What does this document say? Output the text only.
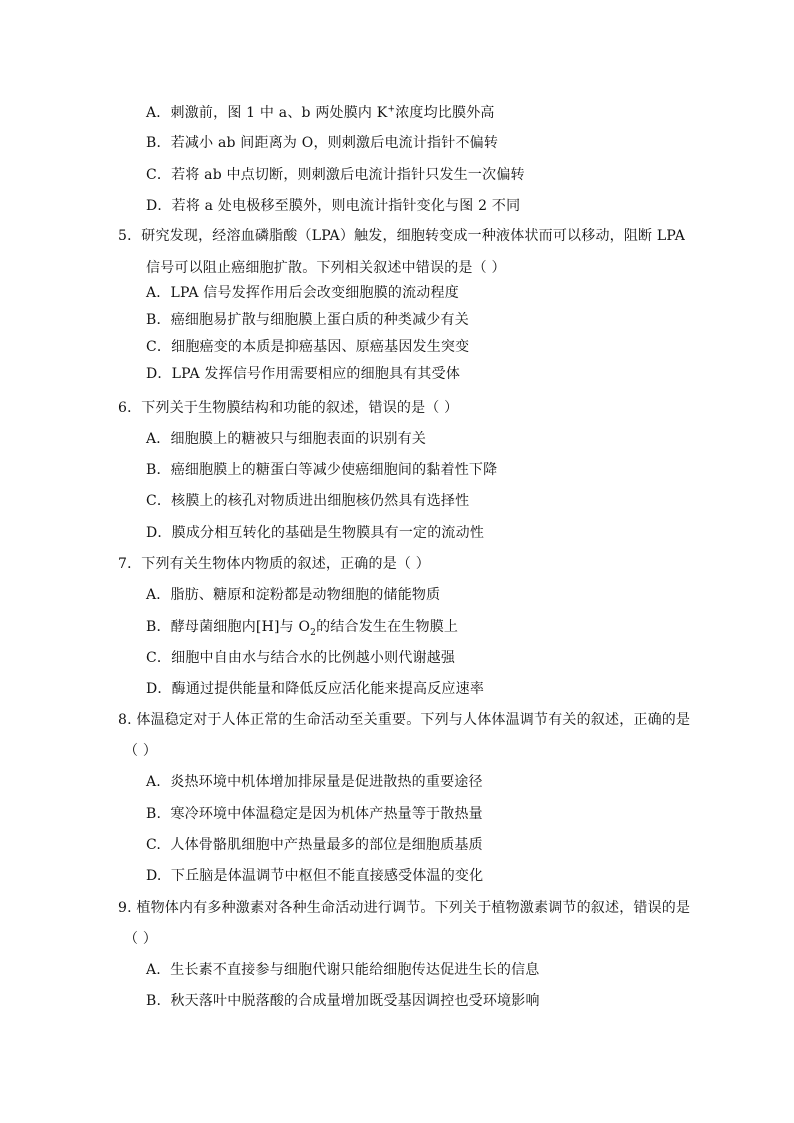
A．刺激前，图 1 中 a、b 两处膜内 K+浓度均比膜外高
B．若减小 ab 间距离为 O，则刺激后电流计指针不偏转
C．若将 ab 中点切断，则刺激后电流计指针只发生一次偏转
D．若将 a 处电极移至膜外，则电流计指针变化与图 2 不同
5．研究发现，经溶血磷脂酸（LPA）触发，细胞转变成一种液体状而可以移动，阻断 LPA
信号可以阻止癌细胞扩散。下列相关叙述中错误的是（ ）
A．LPA 信号发挥作用后会改变细胞膜的流动程度
B．癌细胞易扩散与细胞膜上蛋白质的种类减少有关
C．细胞癌变的本质是抑癌基因、原癌基因发生突变
D．LPA 发挥信号作用需要相应的细胞具有其受体
6．下列关于生物膜结构和功能的叙述，错误的是（ ）
A．细胞膜上的糖被只与细胞表面的识别有关
B．癌细胞膜上的糖蛋白等减少使癌细胞间的黏着性下降
C．核膜上的核孔对物质进出细胞核仍然具有选择性
D．膜成分相互转化的基础是生物膜具有一定的流动性
7．下列有关生物体内物质的叙述，正确的是（ ）
A．脂肪、糖原和淀粉都是动物细胞的储能物质
B．酵母菌细胞内[H]与 $O_2$的结合发生在生物膜上
C．细胞中自由水与结合水的比例越小则代谢越强
D．酶通过提供能量和降低反应活化能来提高反应速率
8. 体温稳定对于人体正常的生命活动至关重要。下列与人体体温调节有关的叙述，正确的是
（ ）
A. 炎热环境中机体增加排尿量是促进散热的重要途径
B. 寒冷环境中体温稳定是因为机体产热量等于散热量
C. 人体骨骼肌细胞中产热量最多的部位是细胞质基质
D. 下丘脑是体温调节中枢但不能直接感受体温的变化
9. 植物体内有多种激素对各种生命活动进行调节。下列关于植物激素调节的叙述，错误的是
（ ）
A. 生长素不直接参与细胞代谢只能给细胞传达促进生长的信息
B. 秋天落叶中脱落酸的合成量增加既受基因调控也受环境影响
